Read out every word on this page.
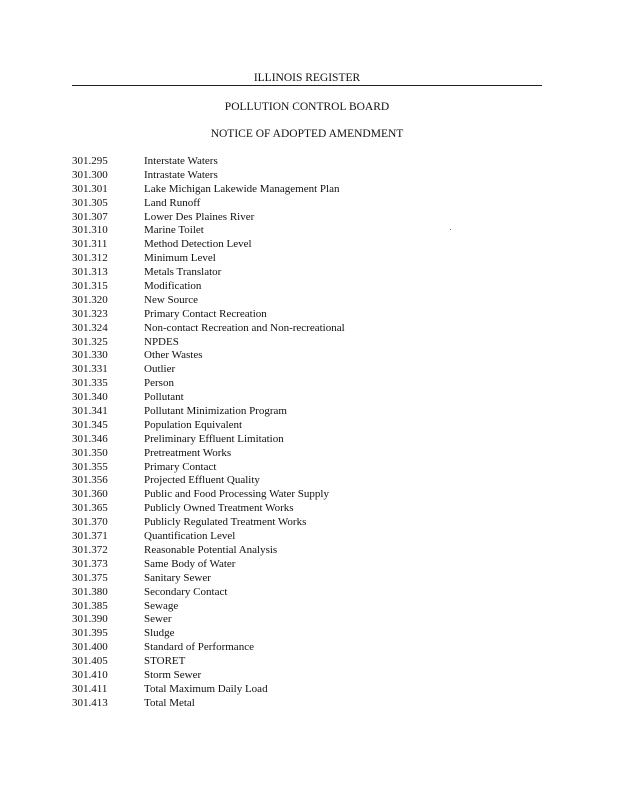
ILLINOIS REGISTER
POLLUTION CONTROL BOARD
NOTICE OF ADOPTED AMENDMENT
301.295	Interstate Waters
301.300	Intrastate Waters
301.301	Lake Michigan Lakewide Management Plan
301.305	Land Runoff
301.307	Lower Des Plaines River
301.310	Marine Toilet
301.311	Method Detection Level
301.312	Minimum Level
301.313	Metals Translator
301.315	Modification
301.320	New Source
301.323	Primary Contact Recreation
301.324	Non-contact Recreation and Non-recreational
301.325	NPDES
301.330	Other Wastes
301.331	Outlier
301.335	Person
301.340	Pollutant
301.341	Pollutant Minimization Program
301.345	Population Equivalent
301.346	Preliminary Effluent Limitation
301.350	Pretreatment Works
301.355	Primary Contact
301.356	Projected Effluent Quality
301.360	Public and Food Processing Water Supply
301.365	Publicly Owned Treatment Works
301.370	Publicly Regulated Treatment Works
301.371	Quantification Level
301.372	Reasonable Potential Analysis
301.373	Same Body of Water
301.375	Sanitary Sewer
301.380	Secondary Contact
301.385	Sewage
301.390	Sewer
301.395	Sludge
301.400	Standard of Performance
301.405	STORET
301.410	Storm Sewer
301.411	Total Maximum Daily Load
301.413	Total Metal
